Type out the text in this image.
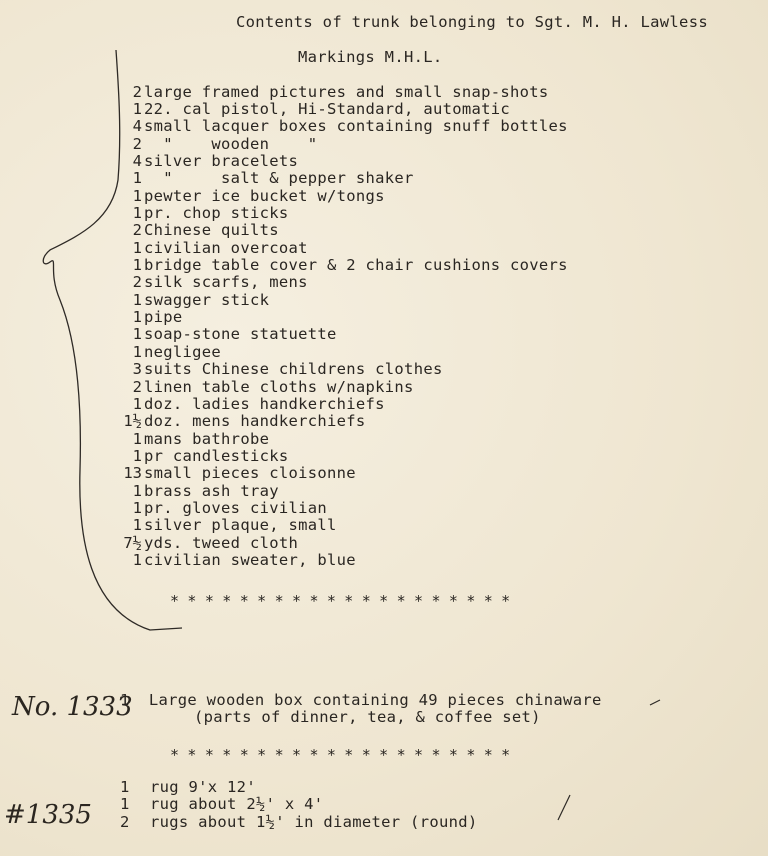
Contents of trunk belonging to Sgt. M. H. Lawless
Markings M.H.L.
2 large framed pictures and small snap-shots
1 22. cal pistol, Hi-Standard, automatic
4 small lacquer boxes containing snuff bottles
2 "    wooden    "
4 silver bracelets
1 "     salt & pepper shaker
1 pewter ice bucket w/tongs
1 pr. chop sticks
2 Chinese quilts
1 civilian overcoat
1 bridge table cover & 2 chair cushions covers
2 silk scarfs, mens
1 swagger stick
1 pipe
1 soap-stone statuette
1 negligee
3 suits Chinese childrens clothes
2 linen table cloths w/napkins
1 doz. ladies handkerchiefs
1½ doz. mens handkerchiefs
1 mans bathrobe
1 pr candlesticks
13 small pieces cloisonne
1 brass ash tray
1 pr. gloves civilian
1 silver plaque, small
7½ yds. tweed cloth
1 civilian sweater, blue
********************
No. 1333
1  Large wooden box containing 49 pieces chinaware
(parts of dinner, tea, & coffee set)
********************
#1335
1 rug 9'x 12'
1 rug about 2½' x 4'
2 rugs about 1½' in diameter (round)
